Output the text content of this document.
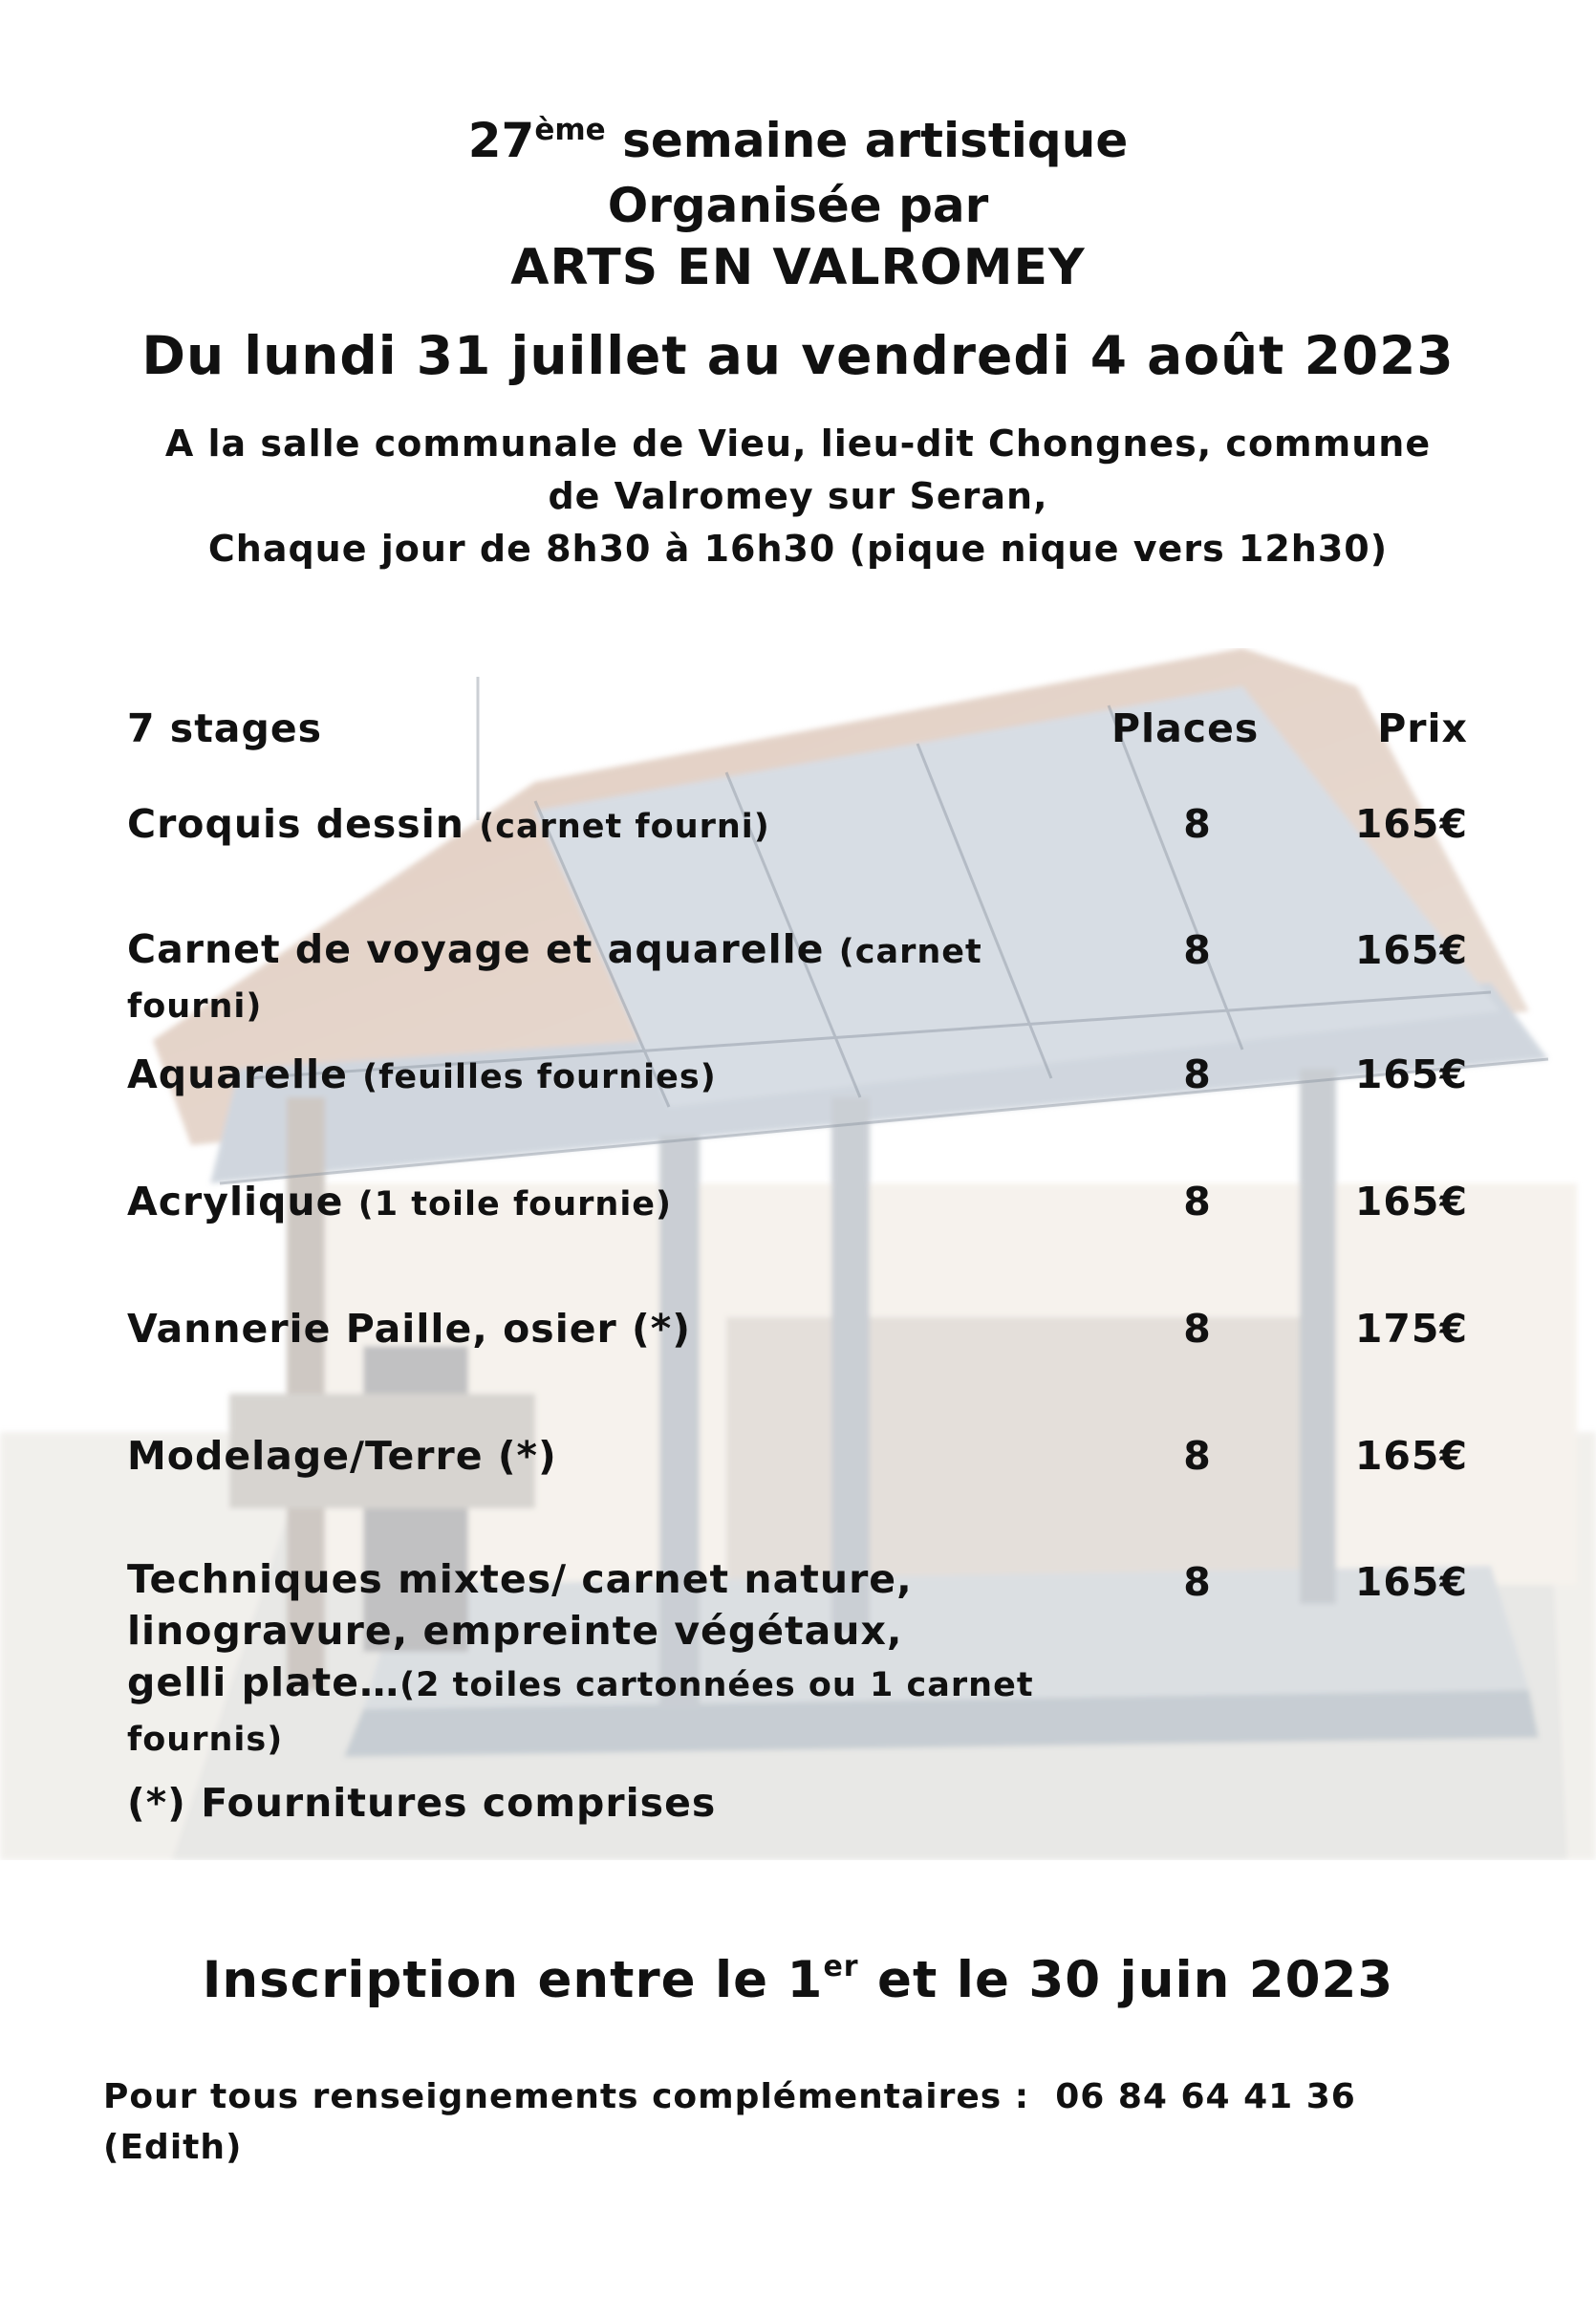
27ème semaine artistique
Organisée par
ARTS EN VALROMEY
Du lundi 31 juillet au vendredi 4 août 2023
A la salle communale de Vieu, lieu-dit Chongnes, commune
de Valromey sur Seran,
Chaque jour de 8h30 à 16h30 (pique nique vers 12h30)
7 stages	Places	Prix
Croquis dessin (carnet fourni)	8	165€
Carnet de voyage et aquarelle (carnet
fourni)
8	165€
Aquarelle (feuilles fournies)	8	165€
Acrylique (1 toile fournie)	8	165€
Vannerie Paille, osier (*)	8	175€
Modelage/Terre (*)	8	165€
Techniques mixtes/ carnet nature,
linogravure, empreinte végétaux,
gelli plate…(2 toiles cartonnées ou 1 carnet
fournis)
8	165€
(*) Fournitures comprises
Inscription entre le 1er et le 30 juin 2023
Pour tous renseignements complémentaires :  06 84 64 41 36
(Edith)
